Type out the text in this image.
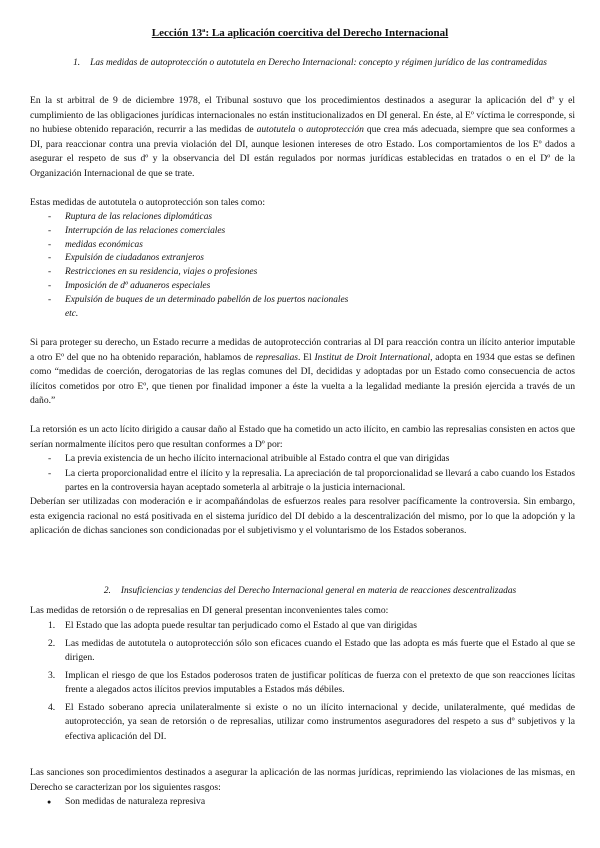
Lección 13ª: La aplicación coercitiva del Derecho Internacional
1. Las medidas de autoprotección o autotutela en Derecho Internacional: concepto y régimen jurídico de las contramedidas

En la st arbitral de 9 de diciembre 1978, el Tribunal sostuvo que los procedimientos destinados a asegurar la aplicación del dº y el cumplimiento de las obligaciones jurídicas internacionales no están institucionalizados en DI general. En éste, al Eº víctima le corresponde, si no hubiese obtenido reparación, recurrir a las medidas de autotutela o autoprotección que crea más adecuada, siempre que sea conformes a DI, para reaccionar contra una previa violación del DI, aunque lesionen intereses de otro Estado. Los comportamientos de los Eº dados a asegurar el respeto de sus dº y la observancia del DI están regulados por normas jurídicas establecidas en tratados o en el Dº de la Organización Internacional de que se trate.

Estas medidas de autotutela o autoprotección son tales como:

- Ruptura de las relaciones diplomáticas
- Interrupción de las relaciones comerciales
- medidas económicas
- Expulsión de ciudadanos extranjeros
- Restricciones en su residencia, viajes o profesiones
- Imposición de dº aduaneros especiales
- Expulsión de buques de un determinado pabellón de los puertos nacionales
etc.

Si para proteger su derecho, un Estado recurre a medidas de autoprotección contrarias al DI para reacción contra un ilícito anterior imputable a otro Eº del que no ha obtenido reparación, hablamos de represalias. El Institut de Droit International, adopta en 1934 que estas se definen como “medidas de coerción, derogatorias de las reglas comunes del DI, decididas y adoptadas por un Estado como consecuencia de actos ilícitos cometidos por otro Eº, que tienen por finalidad imponer a éste la vuelta a la legalidad mediante la presión ejercida a través de un daño.”

La retorsión es un acto lícito dirigido a causar daño al Estado que ha cometido un acto ilícito, en cambio las represalias consisten en actos que serían normalmente ilícitos pero que resultan conformes a Dº por:

- La previa existencia de un hecho ilícito internacional atribuible al Estado contra el que van dirigidas
- La cierta proporcionalidad entre el ilícito y la represalia. La apreciación de tal proporcionalidad se llevará a cabo cuando los Estados partes en la controversia hayan aceptado someterla al arbitraje o la justicia internacional.

Deberían ser utilizadas con moderación e ir acompañándolas de esfuerzos reales para resolver pacíficamente la controversia. Sin embargo, esta exigencia racional no está positivada en el sistema jurídico del DI debido a la descentralización del mismo, por lo que la adopción y la aplicación de dichas sanciones son condicionadas por el subjetivismo y el voluntarismo de los Estados soberanos.

2. Insuficiencias y tendencias del Derecho Internacional general en materia de reacciones descentralizadas

Las medidas de retorsión o de represalias en DI general presentan inconvenientes tales como:

1. El Estado que las adopta puede resultar tan perjudicado como el Estado al que van dirigidas
2. Las medidas de autotutela o autoprotección sólo son eficaces cuando el Estado que las adopta es más fuerte que el Estado al que se dirigen.
3. Implican el riesgo de que los Estados poderosos traten de justificar políticas de fuerza con el pretexto de que son reacciones lícitas frente a alegados actos ilícitos previos imputables a Estados más débiles.
4. El Estado soberano aprecia unilateralmente si existe o no un ilícito internacional y decide, unilateralmente, qué medidas de autoprotección, ya sean de retorsión o de represalias, utilizar como instrumentos aseguradores del respeto a sus dº subjetivos y la efectiva aplicación del DI.

Las sanciones son procedimientos destinados a asegurar la aplicación de las normas jurídicas, reprimiendo las violaciones de las mismas, en Derecho se caracterizan por los siguientes rasgos:

● Son medidas de naturaleza represiva
